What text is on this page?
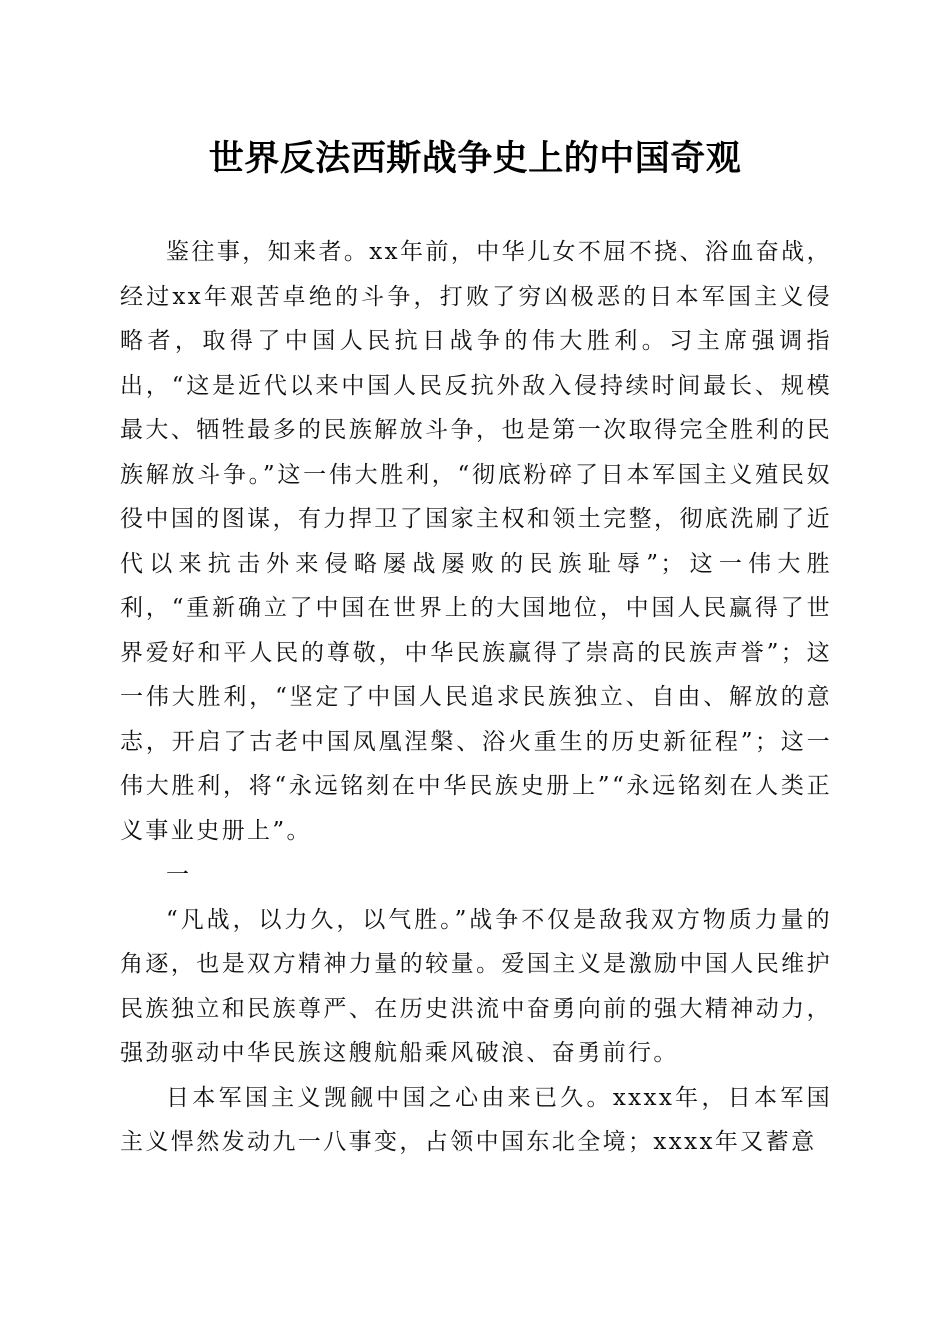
世界反法西斯战争史上的中国奇观

鉴往事，知来者。xx年前，中华儿女不屈不挠、浴血奋战，经过xx年艰苦卓绝的斗争，打败了穷凶极恶的日本军国主义侵略者，取得了中国人民抗日战争的伟大胜利。习主席强调指出，“这是近代以来中国人民反抗外敌入侵持续时间最长、规模最大、牺牲最多的民族解放斗争，也是第一次取得完全胜利的民族解放斗争。”这一伟大胜利，“彻底粉碎了日本军国主义殖民奴役中国的图谋，有力捍卫了国家主权和领土完整，彻底洗刷了近代以来抗击外来侵略屡战屡败的民族耻辱”；这一伟大胜利，“重新确立了中国在世界上的大国地位，中国人民赢得了世界爱好和平人民的尊敬，中华民族赢得了崇高的民族声誉”；这一伟大胜利，“坚定了中国人民追求民族独立、自由、解放的意志，开启了古老中国凤凰涅槃、浴火重生的历史新征程”；这一伟大胜利，将“永远铭刻在中华民族史册上”“永远铭刻在人类正义事业史册上”。

一

“凡战，以力久，以气胜。”战争不仅是敌我双方物质力量的角逐，也是双方精神力量的较量。爱国主义是激励中国人民维护民族独立和民族尊严、在历史洪流中奋勇向前的强大精神动力，强劲驱动中华民族这艘航船乘风破浪、奋勇前行。

日本军国主义觊觎中国之心由来已久。xxxx年，日本军国主义悍然发动九一八事变，占领中国东北全境；xxxx年又蓄意
